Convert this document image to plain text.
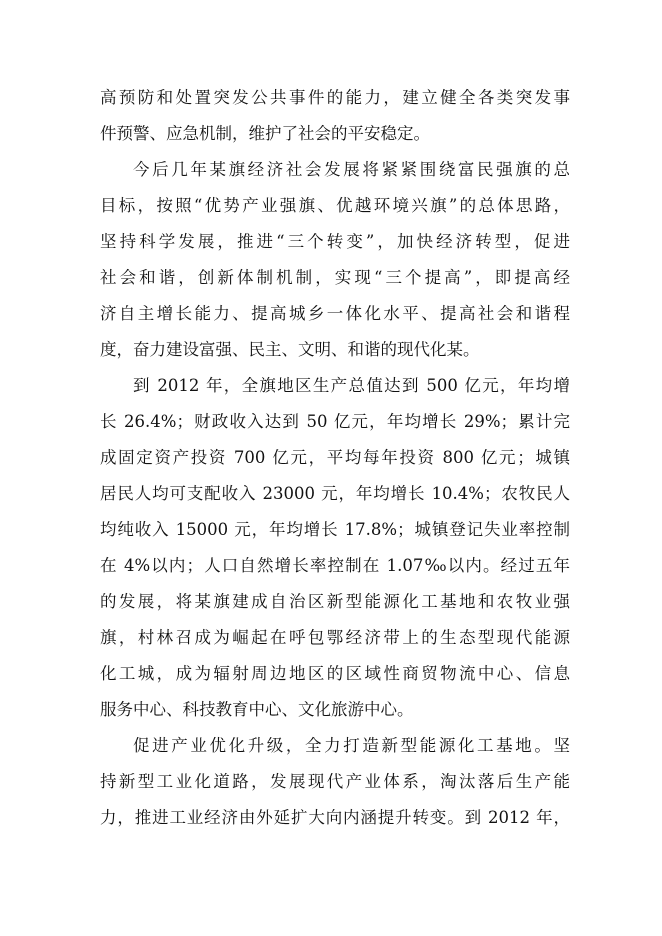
高预防和处置突发公共事件的能力，建立健全各类突发事
件预警、应急机制，维护了社会的平安稳定。
今后几年某旗经济社会发展将紧紧围绕富民强旗的总
目标，按照“优势产业强旗、优越环境兴旗”的总体思路，
坚持科学发展，推进“三个转变”，加快经济转型，促进
社会和谐，创新体制机制，实现“三个提高”，即提高经
济自主增长能力、提高城乡一体化水平、提高社会和谐程
度，奋力建设富强、民主、文明、和谐的现代化某。
到 2012 年，全旗地区生产总值达到 500 亿元，年均增
长 26.4%；财政收入达到 50 亿元，年均增长 29%；累计完
成固定资产投资 700 亿元，平均每年投资 800 亿元；城镇
居民人均可支配收入 23000 元，年均增长 10.4%；农牧民人
均纯收入 15000 元，年均增长 17.8%；城镇登记失业率控制
在 4%以内；人口自然增长率控制在 1.07‰以内。经过五年
的发展，将某旗建成自治区新型能源化工基地和农牧业强
旗，村林召成为崛起在呼包鄂经济带上的生态型现代能源
化工城，成为辐射周边地区的区域性商贸物流中心、信息
服务中心、科技教育中心、文化旅游中心。
促进产业优化升级，全力打造新型能源化工基地。坚
持新型工业化道路，发展现代产业体系，淘汰落后生产能
力，推进工业经济由外延扩大向内涵提升转变。到 2012 年，
